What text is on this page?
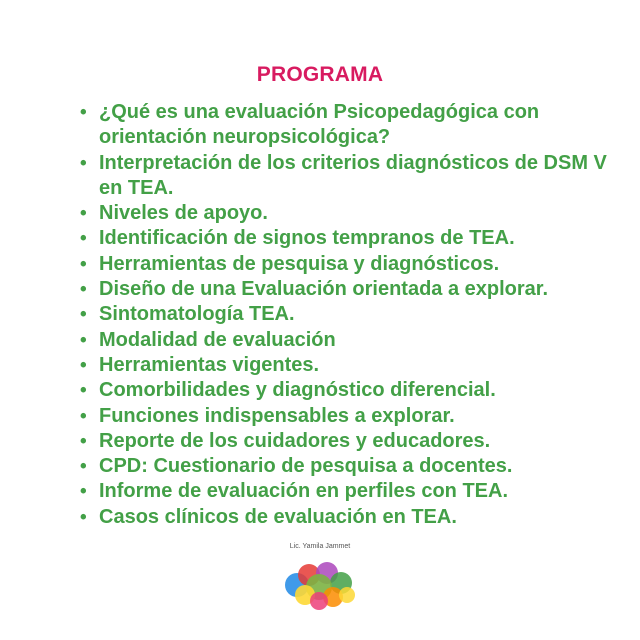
PROGRAMA
• ¿Qué es una evaluación Psicopedagógica con orientación neuropsicológica?
• Interpretación de los criterios diagnósticos de DSM V en TEA.
• Niveles de apoyo.
• Identificación de signos tempranos de TEA.
• Herramientas de pesquisa y diagnósticos.
• Diseño de una Evaluación orientada a explorar.
• Sintomatología TEA.
• Modalidad de evaluación
• Herramientas vigentes.
• Comorbilidades y diagnóstico diferencial.
• Funciones indispensables a explorar.
• Reporte de los cuidadores y educadores.
• CPD: Cuestionario de pesquisa a docentes.
• Informe de evaluación en perfiles con TEA.
• Casos clínicos de evaluación en TEA.
Lic. Yamila Jammet
